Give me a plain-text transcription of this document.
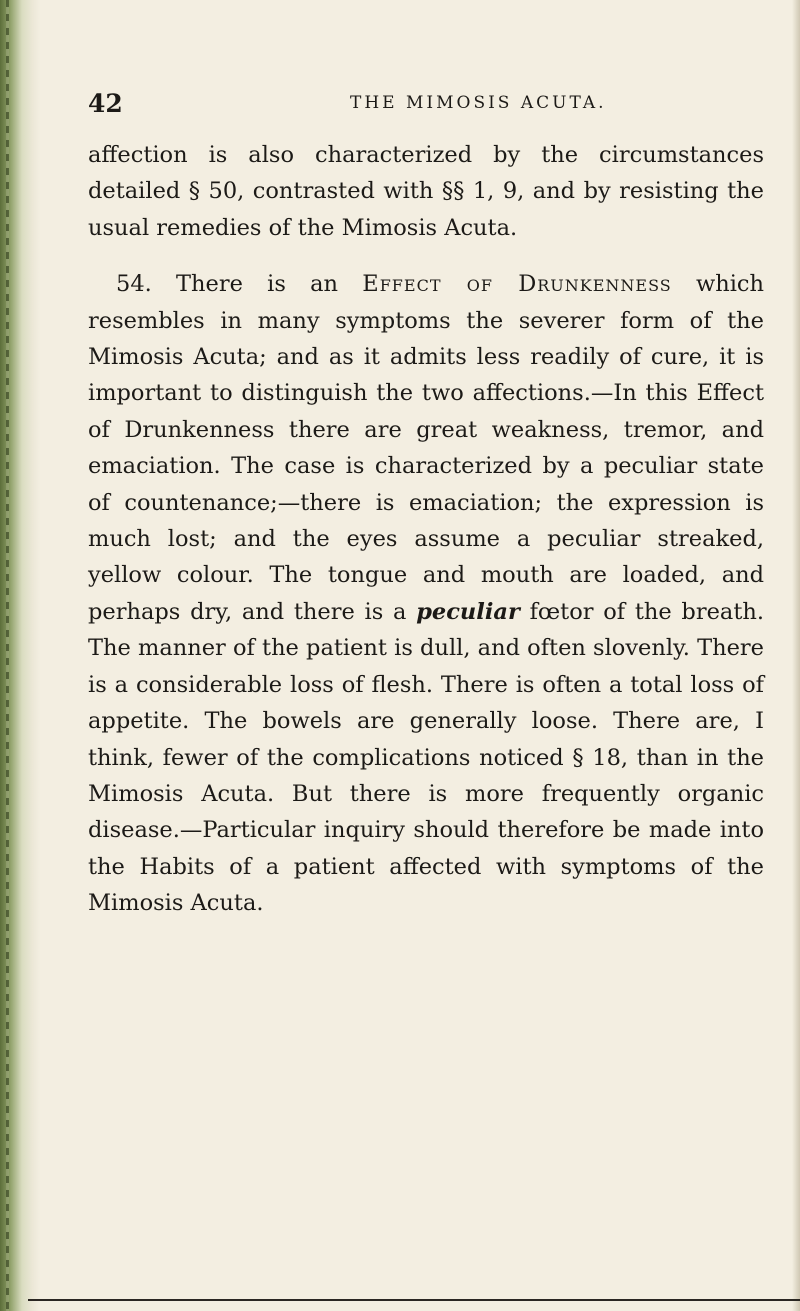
42	THE MIMOSIS ACUTA.

affection is also characterized by the circumstances detailed § 50, contrasted with §§ 1, 9, and by resisting the usual remedies of the Mimosis Acuta.

54. There is an Effect of Drunkenness which resembles in many symptoms the severer form of the Mimosis Acuta; and as it admits less readily of cure, it is important to distinguish the two affections.—In this Effect of Drunkenness there are great weakness, tremor, and emaciation. The case is characterized by a peculiar state of countenance;—there is emaciation; the expression is much lost; and the eyes assume a peculiar streaked, yellow colour. The tongue and mouth are loaded, and perhaps dry, and there is a peculiar fœtor of the breath. The manner of the patient is dull, and often slovenly. There is a considerable loss of flesh. There is often a total loss of appetite. The bowels are generally loose. There are, I think, fewer of the complications noticed § 18, than in the Mimosis Acuta. But there is more frequently organic disease.—Particular inquiry should therefore be made into the Habits of a patient affected with symptoms of the Mimosis Acuta.
